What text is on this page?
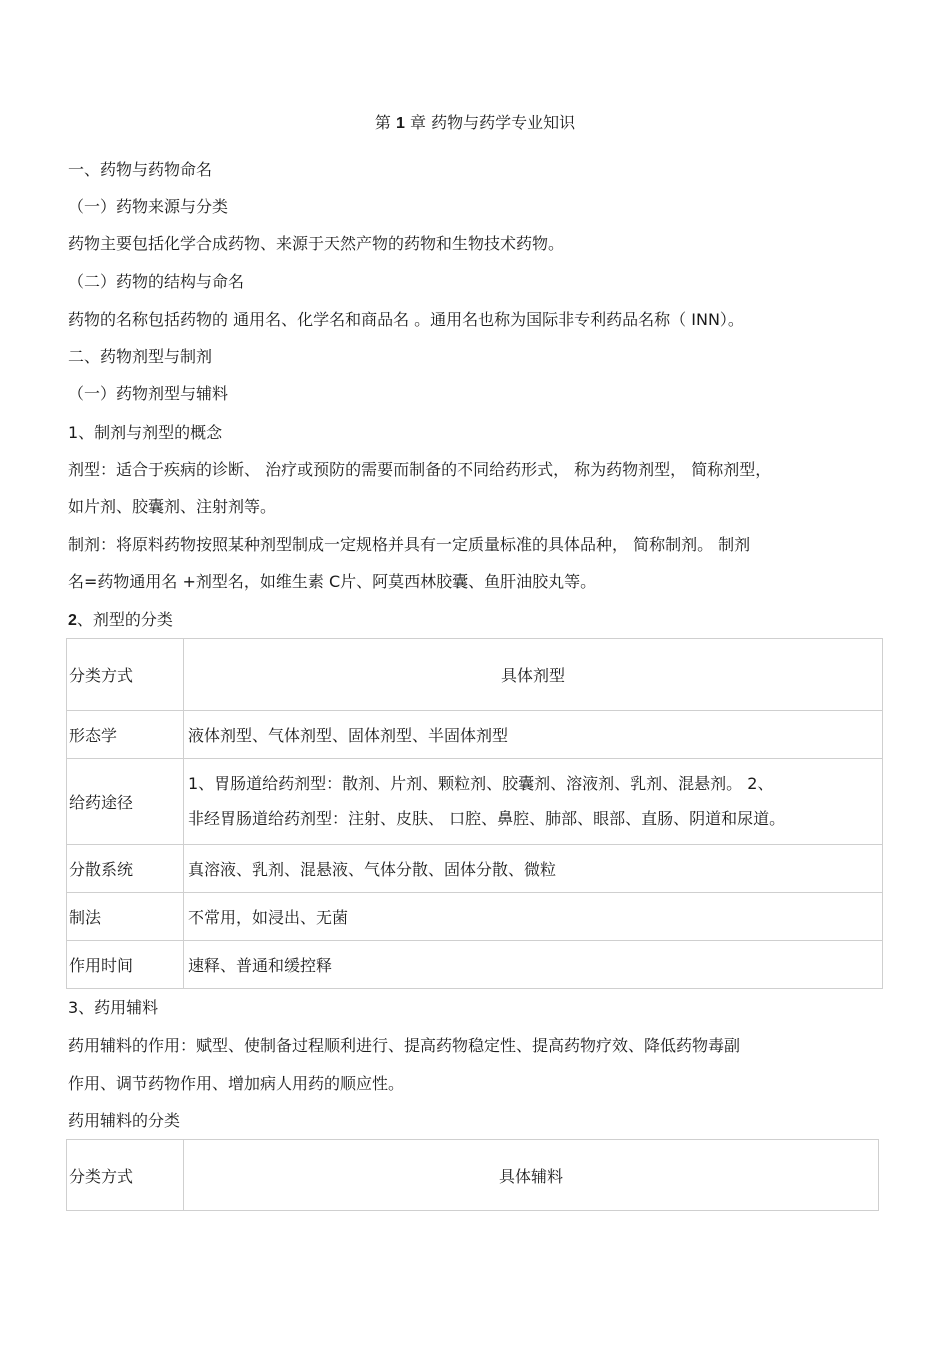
第 1 章 药物与药学专业知识
一、药物与药物命名
（一）药物来源与分类
药物主要包括化学合成药物、来源于天然产物的药物和生物技术药物。
（二）药物的结构与命名
药物的名称包括药物的 通用名、化学名和商品名 。通用名也称为国际非专利药品名称（ INN）。
二、药物剂型与制剂
（一）药物剂型与辅料
1、制剂与剂型的概念
剂型：适合于疾病的诊断、 治疗或预防的需要而制备的不同给药形式， 称为药物剂型， 简称剂型，
如片剂、胶囊剂、注射剂等。
制剂：将原料药物按照某种剂型制成一定规格并具有一定质量标准的具体品种， 简称制剂。 制剂
名=药物通用名 +剂型名，如维生素 C片、阿莫西林胶囊、鱼肝油胶丸等。
2、剂型的分类
分类方式	具体剂型
形态学	液体剂型、气体剂型、固体剂型、半固体剂型
给药途径	1、胃肠道给药剂型：散剂、片剂、颗粒剂、胶囊剂、溶液剂、乳剂、混悬剂。 2、
非经胃肠道给药剂型：注射、皮肤、 口腔、鼻腔、肺部、眼部、直肠、阴道和尿道。

分散系统	真溶液、乳剂、混悬液、气体分散、固体分散、微粒
制法	不常用，如浸出、无菌
作用时间	速释、普通和缓控释
3、药用辅料
药用辅料的作用：赋型、使制备过程顺利进行、提高药物稳定性、提高药物疗效、降低药物毒副
作用、调节药物作用、增加病人用药的顺应性。
药用辅料的分类
分类方式	具体辅料
